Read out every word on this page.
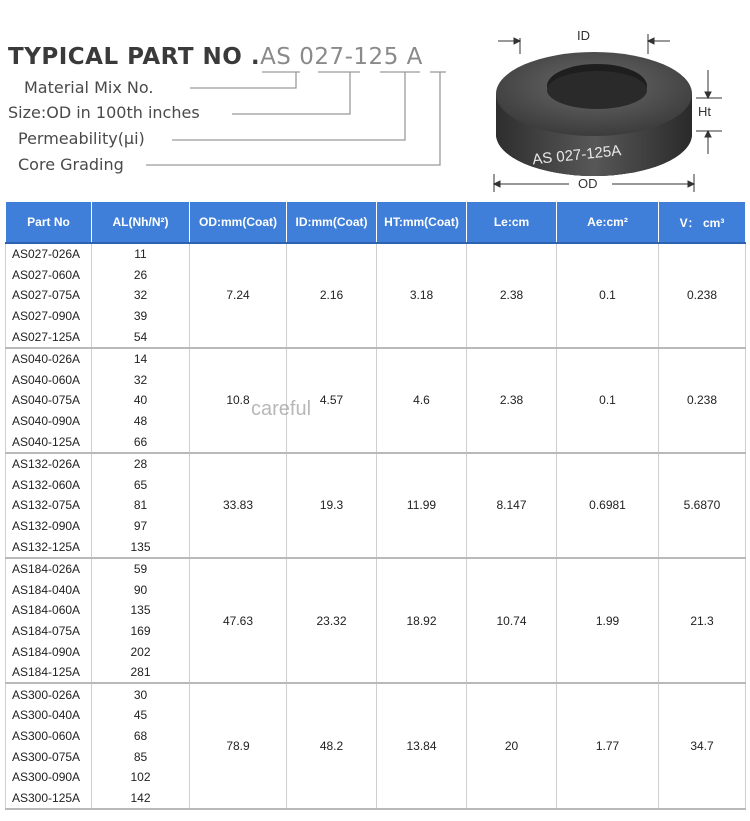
TYPICAL PART NO .AS 027-125 A
Material Mix No.
Size:OD in 100th inches
Permeability(µi)
Core Grading	AS 027-125A
ID
OD
Ht
Part No	AL(Nh/N²)	OD:mm(Coat)	ID:mm(Coat)	HT:mm(Coat)	Le:cm	Ae:cm²	V： cm³
AS027-026A	11	7.24	2.16	3.18	2.38	0.1	0.238
AS027-060A	26						
AS027-075A	32						
AS027-090A	39						
AS027-125A	54						
AS040-026A	14	10.8	4.57	4.6	2.38	0.1	0.238
AS040-060A	32						
AS040-075A	40						
AS040-090A	48						
AS040-125A	66						
AS132-026A	28	33.83	19.3	11.99	8.147	0.6981	5.6870
AS132-060A	65						
AS132-075A	81						
AS132-090A	97						
AS132-125A	135						
AS184-026A	59	47.63	23.32	18.92	10.74	1.99	21.3
AS184-040A	90						
AS184-060A	135						
AS184-075A	169						
AS184-090A	202						
AS184-125A	281						
AS300-026A	30	78.9	48.2	13.84	20	1.77	34.7
AS300-040A	45						
AS300-060A	68						
AS300-075A	85						
AS300-090A	102						
AS300-125A	142						
careful
